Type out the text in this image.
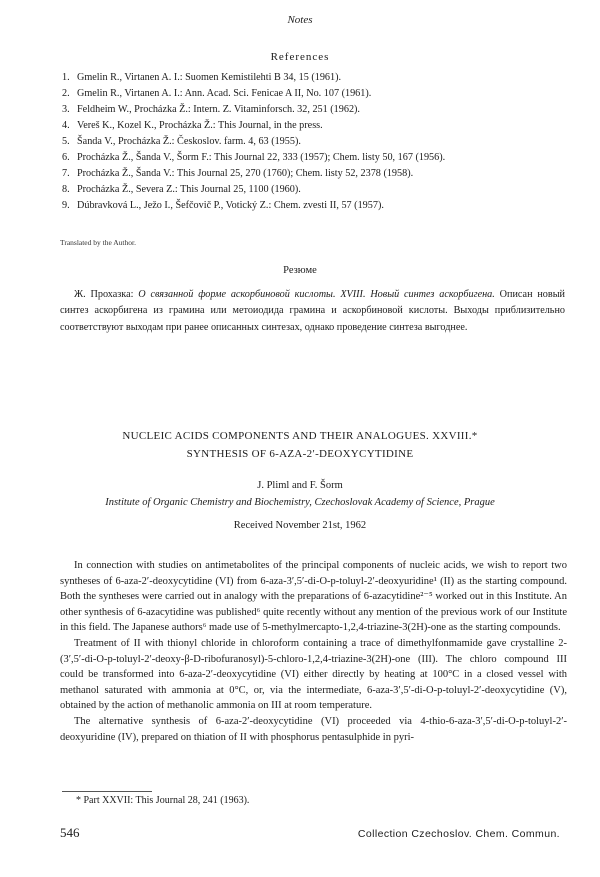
Notes
References
1. Gmelin R., Virtanen A. I.: Suomen Kemistilehti B 34, 15 (1961).
2. Gmelin R., Virtanen A. I.: Ann. Acad. Sci. Fenicae A II, No. 107 (1961).
3. Feldheim W., Procházka Ž.: Intern. Z. Vitaminforsch. 32, 251 (1962).
4. Vereš K., Kozel K., Procházka Ž.: This Journal, in the press.
5. Šanda V., Procházka Ž.: Českoslov. farm. 4, 63 (1955).
6. Procházka Ž., Šanda V., Šorm F.: This Journal 22, 333 (1957); Chem. listy 50, 167 (1956).
7. Procházka Ž., Šanda V.: This Journal 25, 270 (1760); Chem. listy 52, 2378 (1958).
8. Procházka Ž., Severa Z.: This Journal 25, 1100 (1960).
9. Dúbravková L., Ježo I., Šefčovič P., Votický Z.: Chem. zvesti II, 57 (1957).
Translated by the Author.
Резюме

Ж. Прохазка: О связанной форме аскорбиновой кислоты. XVIII. Новый синтез аскорбигена. Описан новый синтез аскорбигена из грамина или метоиодида грамина и аскорбиновой кислоты. Выходы приблизительно соответствуют выходам при ранее описанных синтезах, однако проведение синтеза выгоднее.

NUCLEIC ACIDS COMPONENTS AND THEIR ANALOGUES. XXVIII.*
SYNTHESIS OF 6-AZA-2′-DEOXYCYTIDINE
J. Pliml and F. Šorm
Institute of Organic Chemistry and Biochemistry, Czechoslovak Academy of Science, Prague
Received November 21st, 1962

In connection with studies on antimetabolites of the principal components of nucleic acids, we wish to report two syntheses of 6-aza-2′-deoxycytidine (VI) from 6-aza-3′,5′-di-O-p-toluyl-2′-deoxyuridine¹ (II) as the starting compound. Both the syntheses were carried out in analogy with the preparations of 6-azacytidine²⁻⁵ worked out in this Institute. An other synthesis of 6-azacytidine was published⁶ quite recently without any mention of the previous work of our Institute in this field. The Japanese authors⁶ made use of 5-methylmercapto-1,2,4-triazine-3(2H)-one as the starting compounds.

Treatment of II with thionyl chloride in chloroform containing a trace of dimethylfonmamide gave crystalline 2-(3′,5′-di-O-p-toluyl-2′-deoxy-β-D-ribofuranosyl)-5-chloro-1,2,4-triazine-3(2H)-one (III). The chloro compound III could be transformed into 6-aza-2′-deoxycytidine (VI) either directly by heating at 100°C in a closed vessel with methanol saturated with ammonia at 0°C, or, via the intermediate, 6-aza-3′,5′-di-O-p-toluyl-2′-deoxycytidine (V), obtained by the action of methanolic ammonia on III at room temperature.

The alternative synthesis of 6-aza-2′-deoxycytidine (VI) proceeded via 4-thio-6-aza-3′,5′-di-O-p-toluyl-2′-deoxyuridine (IV), prepared on thiation of II with phosphorus pentasulphide in pyri-

* Part XXVII: This Journal 28, 241 (1963).
546	Collection Czechoslov. Chem. Commun.
